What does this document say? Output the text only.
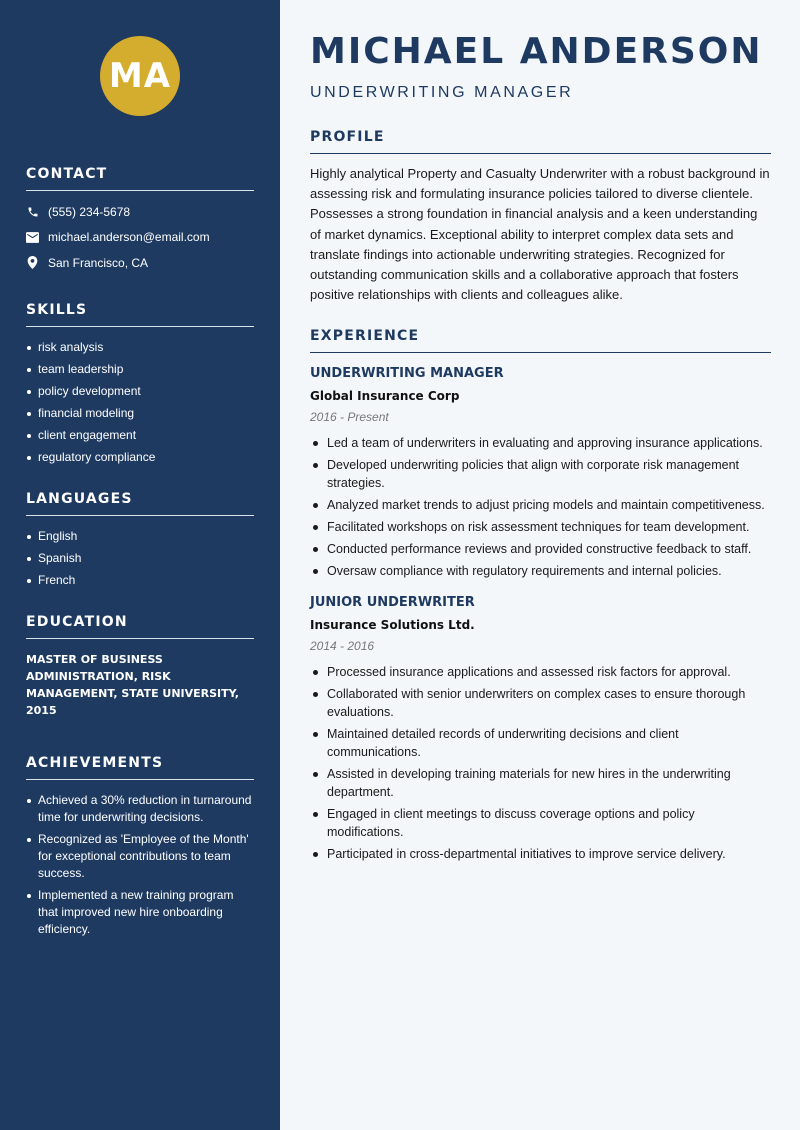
MA
CONTACT
(555) 234-5678
michael.anderson@email.com
San Francisco, CA
SKILLS
risk analysis
team leadership
policy development
financial modeling
client engagement
regulatory compliance
LANGUAGES
English
Spanish
French
EDUCATION
MASTER OF BUSINESS ADMINISTRATION, RISK MANAGEMENT, STATE UNIVERSITY, 2015
ACHIEVEMENTS
Achieved a 30% reduction in turnaround time for underwriting decisions.
Recognized as 'Employee of the Month' for exceptional contributions to team success.
Implemented a new training program that improved new hire onboarding efficiency.
MICHAEL ANDERSON
UNDERWRITING MANAGER
PROFILE
Highly analytical Property and Casualty Underwriter with a robust background in assessing risk and formulating insurance policies tailored to diverse clientele. Possesses a strong foundation in financial analysis and a keen understanding of market dynamics. Exceptional ability to interpret complex data sets and translate findings into actionable underwriting strategies. Recognized for outstanding communication skills and a collaborative approach that fosters positive relationships with clients and colleagues alike.
EXPERIENCE
UNDERWRITING MANAGER
Global Insurance Corp
2016 - Present
Led a team of underwriters in evaluating and approving insurance applications.
Developed underwriting policies that align with corporate risk management strategies.
Analyzed market trends to adjust pricing models and maintain competitiveness.
Facilitated workshops on risk assessment techniques for team development.
Conducted performance reviews and provided constructive feedback to staff.
Oversaw compliance with regulatory requirements and internal policies.
JUNIOR UNDERWRITER
Insurance Solutions Ltd.
2014 - 2016
Processed insurance applications and assessed risk factors for approval.
Collaborated with senior underwriters on complex cases to ensure thorough evaluations.
Maintained detailed records of underwriting decisions and client communications.
Assisted in developing training materials for new hires in the underwriting department.
Engaged in client meetings to discuss coverage options and policy modifications.
Participated in cross-departmental initiatives to improve service delivery.
